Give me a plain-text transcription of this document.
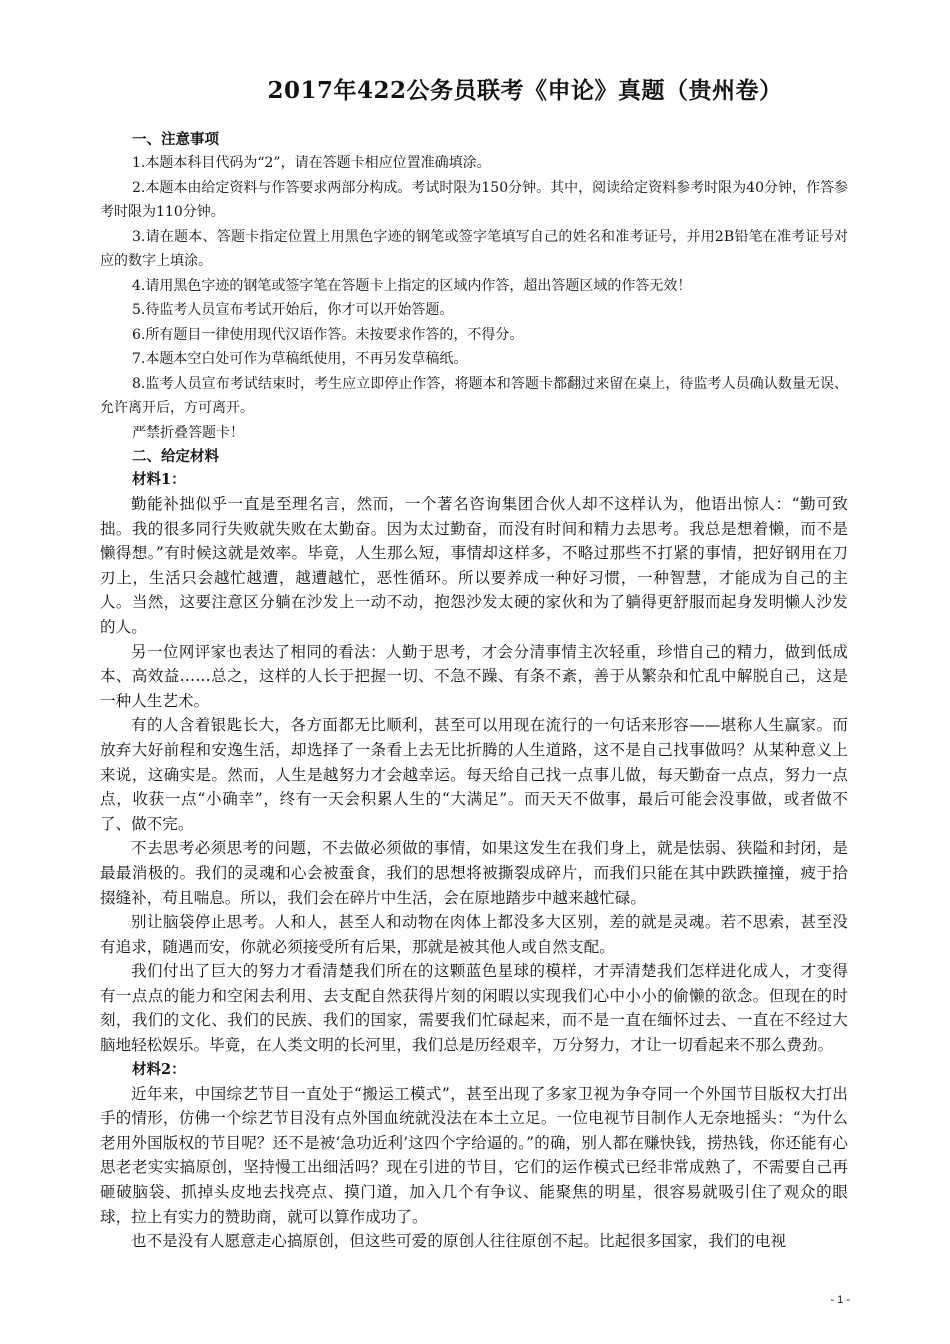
2017年422公务员联考《申论》真题（贵州卷）
一、注意事项

1.本题本科目代码为“2”，请在答题卡相应位置准确填涂。

2.本题本由给定资料与作答要求两部分构成。考试时限为150分钟。其中，阅读给定资料参考时限为40分钟，作答参考时限为110分钟。

3.请在题本、答题卡指定位置上用黑色字迹的钢笔或签字笔填写自己的姓名和准考证号，并用2B铅笔在准考证号对应的数字上填涂。

4.请用黑色字迹的钢笔或签字笔在答题卡上指定的区域内作答，超出答题区域的作答无效！

5.待监考人员宣布考试开始后，你才可以开始答题。

6.所有题目一律使用现代汉语作答。未按要求作答的，不得分。

7.本题本空白处可作为草稿纸使用，不再另发草稿纸。

8.监考人员宣布考试结束时，考生应立即停止作答，将题本和答题卡都翻过来留在桌上，待监考人员确认数量无误、允许离开后，方可离开。

严禁折叠答题卡！

二、给定材料
材料1：

勤能补拙似乎一直是至理名言，然而，一个著名咨询集团合伙人却不这样认为，他语出惊人：“勤可致拙。我的很多同行失败就失败在太勤奋。因为太过勤奋，而没有时间和精力去思考。我总是想着懒，而不是懒得想。”有时候这就是效率。毕竟，人生那么短，事情却这样多，不略过那些不打紧的事情，把好钢用在刀刃上，生活只会越忙越遭，越遭越忙，恶性循环。所以要养成一种好习惯，一种智慧，才能成为自己的主人。当然，这要注意区分躺在沙发上一动不动，抱怨沙发太硬的家伙和为了躺得更舒服而起身发明懒人沙发的人。

另一位网评家也表达了相同的看法：人勤于思考，才会分清事情主次轻重，珍惜自己的精力，做到低成本、高效益……总之，这样的人长于把握一切、不急不躁、有条不紊，善于从繁杂和忙乱中解脱自己，这是一种人生艺术。

有的人含着银匙长大，各方面都无比顺利，甚至可以用现在流行的一句话来形容——堪称人生赢家。而放弃大好前程和安逸生活，却选择了一条看上去无比折腾的人生道路，这不是自己找事做吗？从某种意义上来说，这确实是。然而，人生是越努力才会越幸运。每天给自己找一点事儿做，每天勤奋一点点，努力一点点，收获一点“小确幸”，终有一天会积累人生的“大满足”。而天天不做事，最后可能会没事做，或者做不了、做不完。

不去思考必须思考的问题，不去做必须做的事情，如果这发生在我们身上，就是怯弱、狭隘和封闭，是最最消极的。我们的灵魂和心会被蚕食，我们的思想将被撕裂成碎片，而我们只能在其中跌跌撞撞，疲于拾掇缝补，苟且喘息。所以，我们会在碎片中生活，会在原地踏步中越来越忙碌。

别让脑袋停止思考。人和人，甚至人和动物在肉体上都没多大区别，差的就是灵魂。若不思索，甚至没有追求，随遇而安，你就必须接受所有后果，那就是被其他人或自然支配。

我们付出了巨大的努力才看清楚我们所在的这颗蓝色星球的模样，才弄清楚我们怎样进化成人，才变得有一点点的能力和空闲去利用、去支配自然获得片刻的闲暇以实现我们心中小小的偷懒的欲念。但现在的时刻，我们的文化、我们的民族、我们的国家，需要我们忙碌起来，而不是一直在缅怀过去、一直在不经过大脑地轻松娱乐。毕竟，在人类文明的长河里，我们总是历经艰辛，万分努力，才让一切看起来不那么费劲。

材料2：

近年来，中国综艺节目一直处于“搬运工模式”，甚至出现了多家卫视为争夺同一个外国节目版权大打出手的情形，仿佛一个综艺节目没有点外国血统就没法在本土立足。一位电视节目制作人无奈地摇头：“为什么老用外国版权的节目呢？还不是被‘急功近利’这四个字给逼的。”的确，别人都在赚快钱，捞热钱，你还能有心思老老实实搞原创，坚持慢工出细活吗？现在引进的节目，它们的运作模式已经非常成熟了，不需要自己再砸破脑袋、抓掉头皮地去找亮点、摸门道，加入几个有争议、能聚焦的明星，很容易就吸引住了观众的眼球，拉上有实力的赞助商，就可以算作成功了。

也不是没有人愿意走心搞原创，但这些可爱的原创人往往原创不起。比起很多国家，我们的电视

- 1 -
